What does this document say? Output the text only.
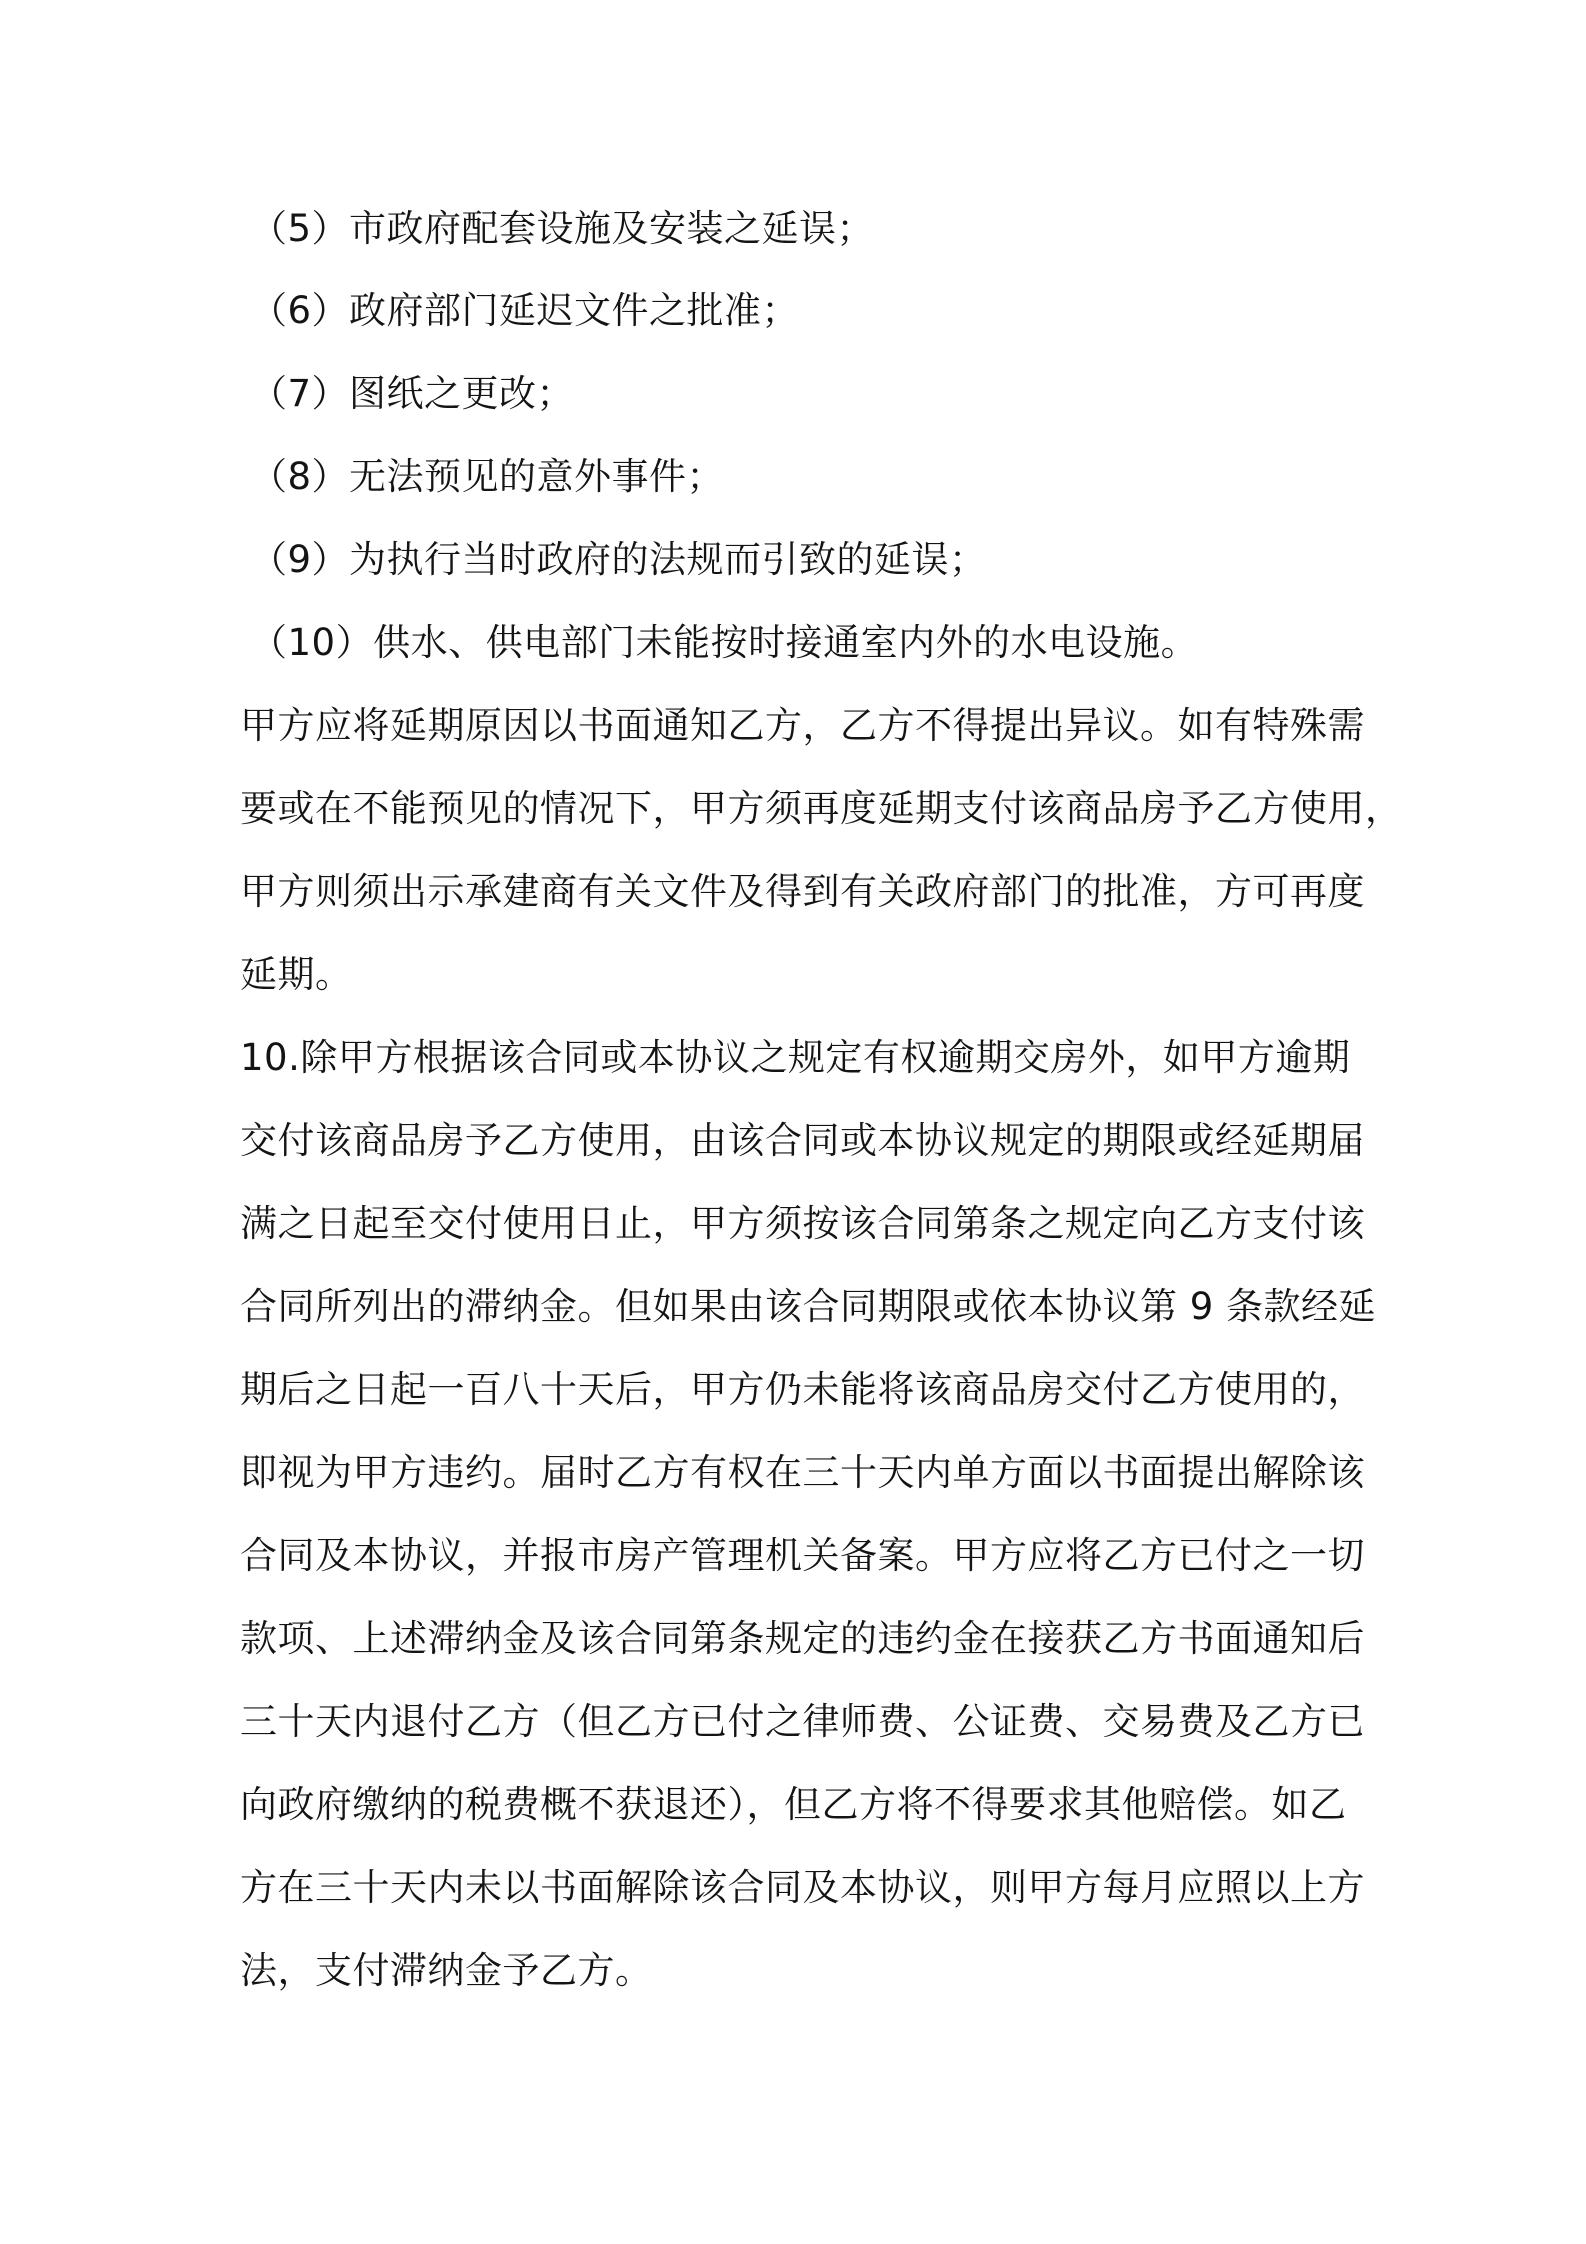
（5）市政府配套设施及安装之延误；
（6）政府部门延迟文件之批准；
（7）图纸之更改；
（8）无法预见的意外事件；
（9）为执行当时政府的法规而引致的延误；
（10）供水、供电部门未能按时接通室内外的水电设施。
甲方应将延期原因以书面通知乙方，乙方不得提出异议。如有特殊需
要或在不能预见的情况下，甲方须再度延期支付该商品房予乙方使用，
甲方则须出示承建商有关文件及得到有关政府部门的批准，方可再度
延期。
10.除甲方根据该合同或本协议之规定有权逾期交房外，如甲方逾期
交付该商品房予乙方使用，由该合同或本协议规定的期限或经延期届
满之日起至交付使用日止，甲方须按该合同第条之规定向乙方支付该
合同所列出的滞纳金。但如果由该合同期限或依本协议第 9 条款经延
期后之日起一百八十天后，甲方仍未能将该商品房交付乙方使用的，
即视为甲方违约。届时乙方有权在三十天内单方面以书面提出解除该
合同及本协议，并报市房产管理机关备案。甲方应将乙方已付之一切
款项、上述滞纳金及该合同第条规定的违约金在接获乙方书面通知后
三十天内退付乙方（但乙方已付之律师费、公证费、交易费及乙方已
向政府缴纳的税费概不获退还），但乙方将不得要求其他赔偿。如乙
方在三十天内未以书面解除该合同及本协议，则甲方每月应照以上方
法，支付滞纳金予乙方。
